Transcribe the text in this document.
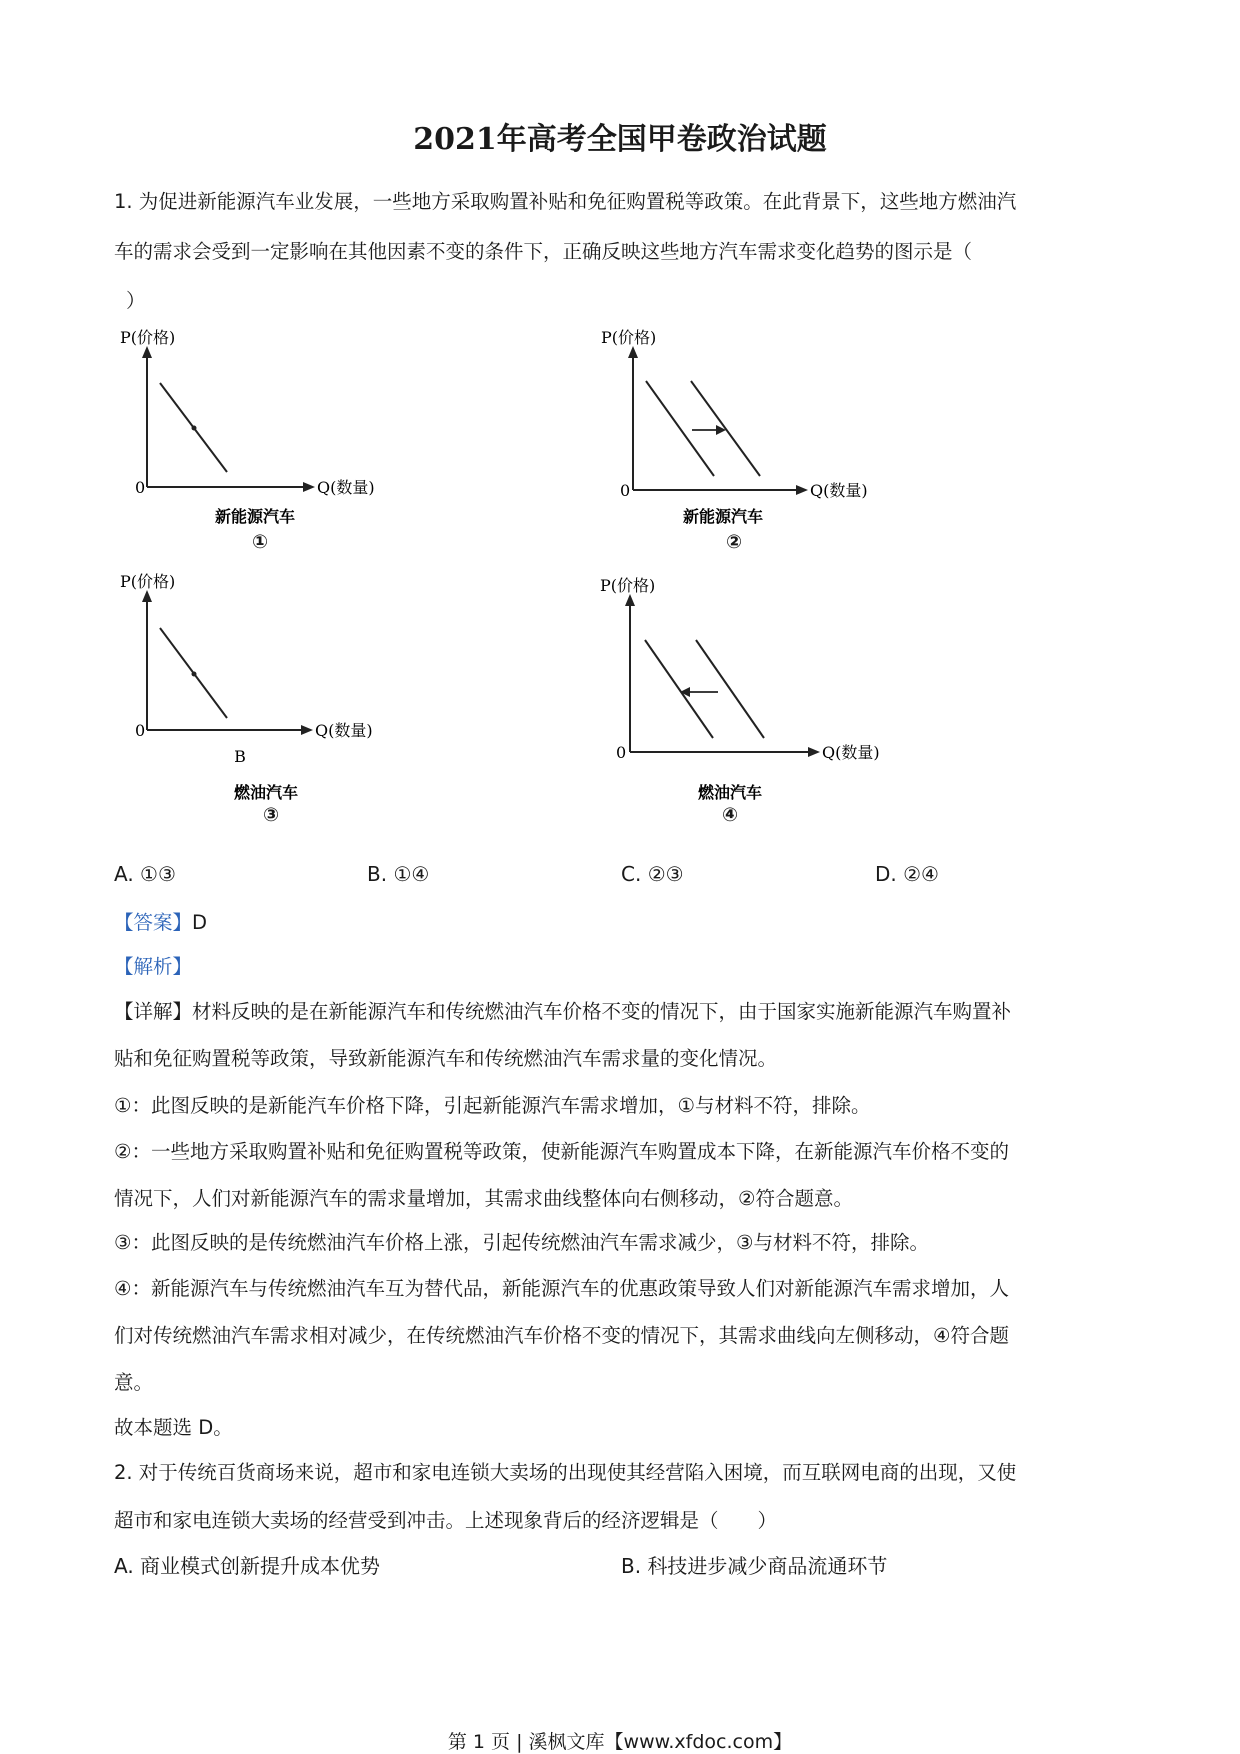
2021年高考全国甲卷政治试题
1. 为促进新能源汽车业发展，一些地方采取购置补贴和免征购置税等政策。在此背景下，这些地方燃油汽
车的需求会受到一定影响在其他因素不变的条件下，正确反映这些地方汽车需求变化趋势的图示是（
）
P(价格)
0	Q(数量)
新能源汽车
①
P(价格)
0	Q(数量)
新能源汽车
②
P(价格)
0	Q(数量)
B
燃油汽车
③
P(价格)
0	Q(数量)
燃油汽车
④
A. ①③	B. ①④	C. ②③	D. ②④
【答案】D
【解析】
【详解】材料反映的是在新能源汽车和传统燃油汽车价格不变的情况下，由于国家实施新能源汽车购置补
贴和免征购置税等政策，导致新能源汽车和传统燃油汽车需求量的变化情况。
①：此图反映的是新能汽车价格下降，引起新能源汽车需求增加，①与材料不符，排除。
②：一些地方采取购置补贴和免征购置税等政策，使新能源汽车购置成本下降，在新能源汽车价格不变的
情况下，人们对新能源汽车的需求量增加，其需求曲线整体向右侧移动，②符合题意。
③：此图反映的是传统燃油汽车价格上涨，引起传统燃油汽车需求减少，③与材料不符，排除。
④：新能源汽车与传统燃油汽车互为替代品，新能源汽车的优惠政策导致人们对新能源汽车需求增加，人
们对传统燃油汽车需求相对减少，在传统燃油汽车价格不变的情况下，其需求曲线向左侧移动，④符合题
意。
故本题选 D。
2. 对于传统百货商场来说，超市和家电连锁大卖场的出现使其经营陷入困境，而互联网电商的出现，又使
超市和家电连锁大卖场的经营受到冲击。上述现象背后的经济逻辑是（　　）
A. 商业模式创新提升成本优势	B. 科技进步减少商品流通环节
第 1 页 | 溪枫文库【www.xfdoc.com】
